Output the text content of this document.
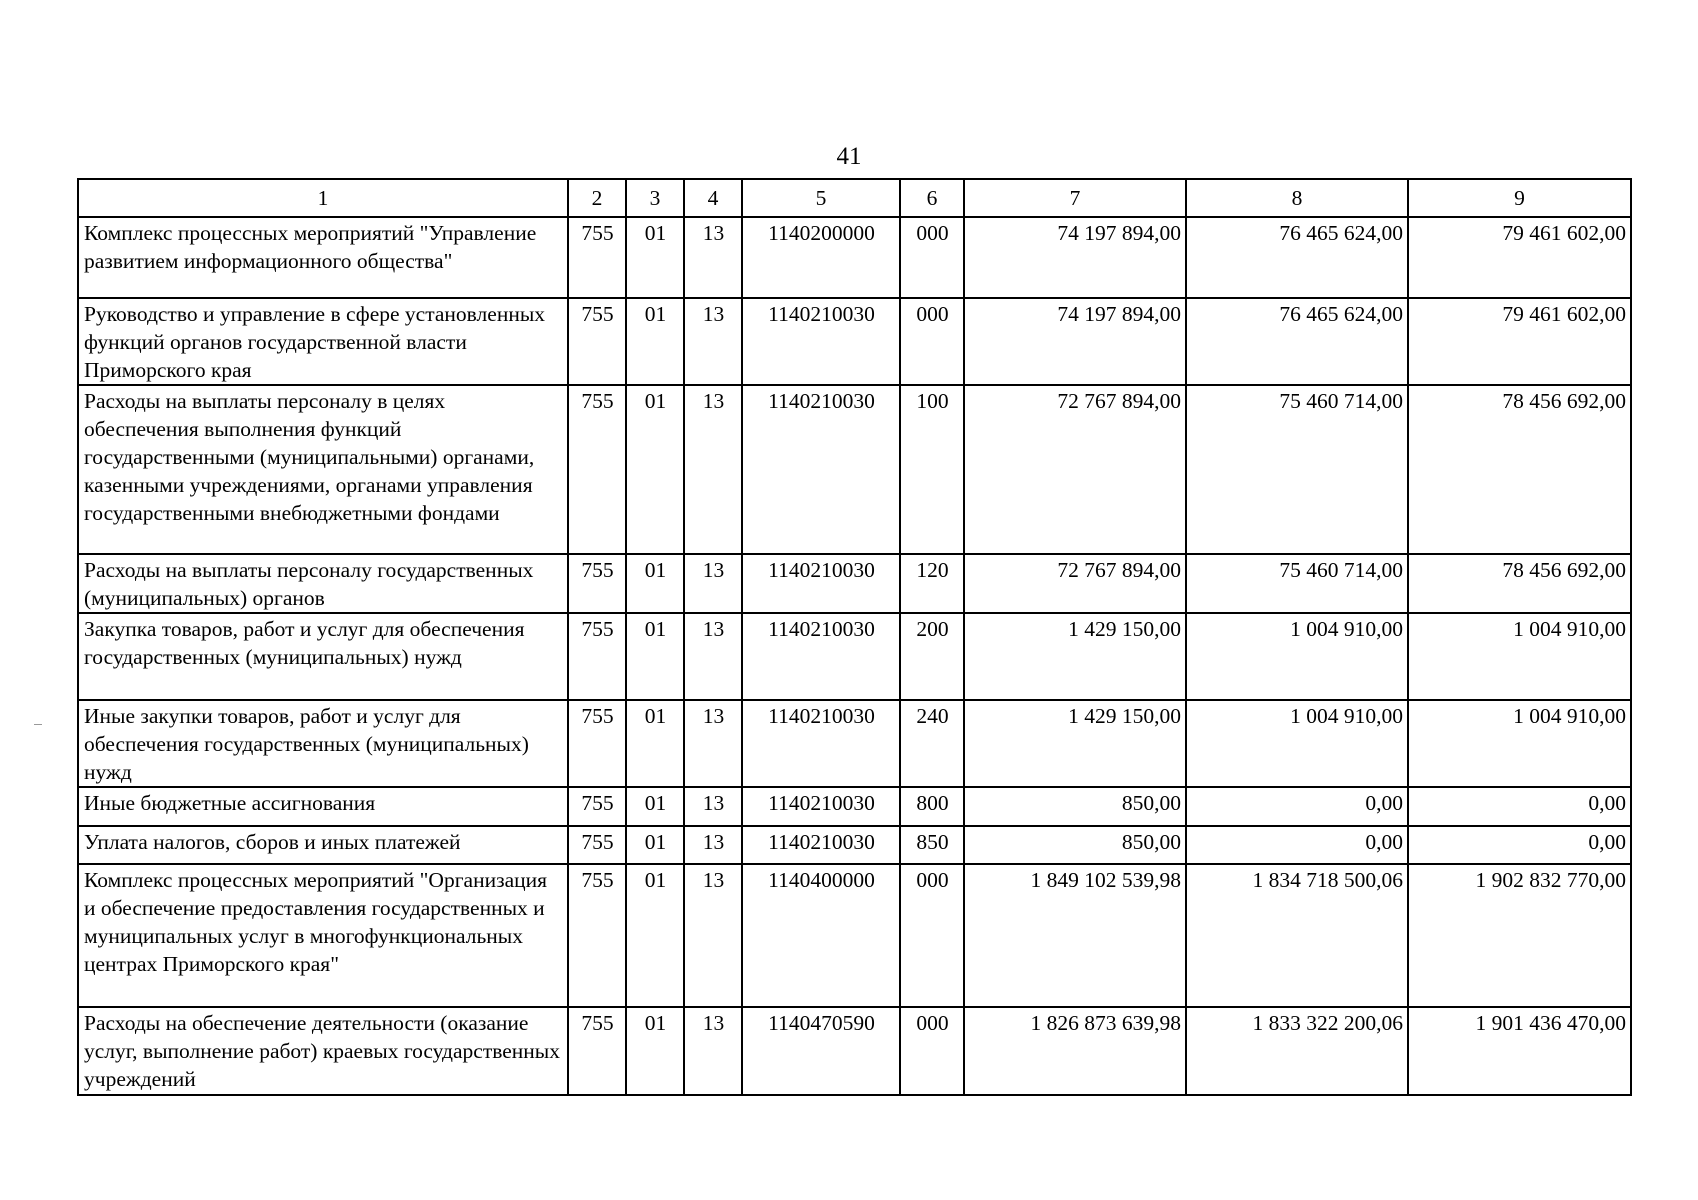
41
1	2	3	4	5	6	7	8	9
Комплекс процессных мероприятий "Управление развитием информационного общества"	755	01	13	1140200000	000	74 197 894,00	76 465 624,00	79 461 602,00
Руководство и управление в сфере установленных функций органов государственной власти Приморского края	755	01	13	1140210030	000	74 197 894,00	76 465 624,00	79 461 602,00
Расходы на выплаты персоналу в целях обеспечения выполнения функций государственными (муниципальными) органами, казенными учреждениями, органами управления государственными внебюджетными фондами	755	01	13	1140210030	100	72 767 894,00	75 460 714,00	78 456 692,00
Расходы на выплаты персоналу государственных (муниципальных) органов	755	01	13	1140210030	120	72 767 894,00	75 460 714,00	78 456 692,00
Закупка товаров, работ и услуг для обеспечения государственных (муниципальных) нужд	755	01	13	1140210030	200	1 429 150,00	1 004 910,00	1 004 910,00
Иные закупки товаров, работ и услуг для обеспечения государственных (муниципальных) нужд	755	01	13	1140210030	240	1 429 150,00	1 004 910,00	1 004 910,00
Иные бюджетные ассигнования	755	01	13	1140210030	800	850,00	0,00	0,00
Уплата налогов, сборов и иных платежей	755	01	13	1140210030	850	850,00	0,00	0,00
Комплекс процессных мероприятий "Организация и обеспечение предоставления государственных и муниципальных услуг в многофункциональных центрах Приморского края"	755	01	13	1140400000	000	1 849 102 539,98	1 834 718 500,06	1 902 832 770,00
Расходы на обеспечение деятельности (оказание услуг, выполнение работ) краевых государственных учреждений	755	01	13	1140470590	000	1 826 873 639,98	1 833 322 200,06	1 901 436 470,00
